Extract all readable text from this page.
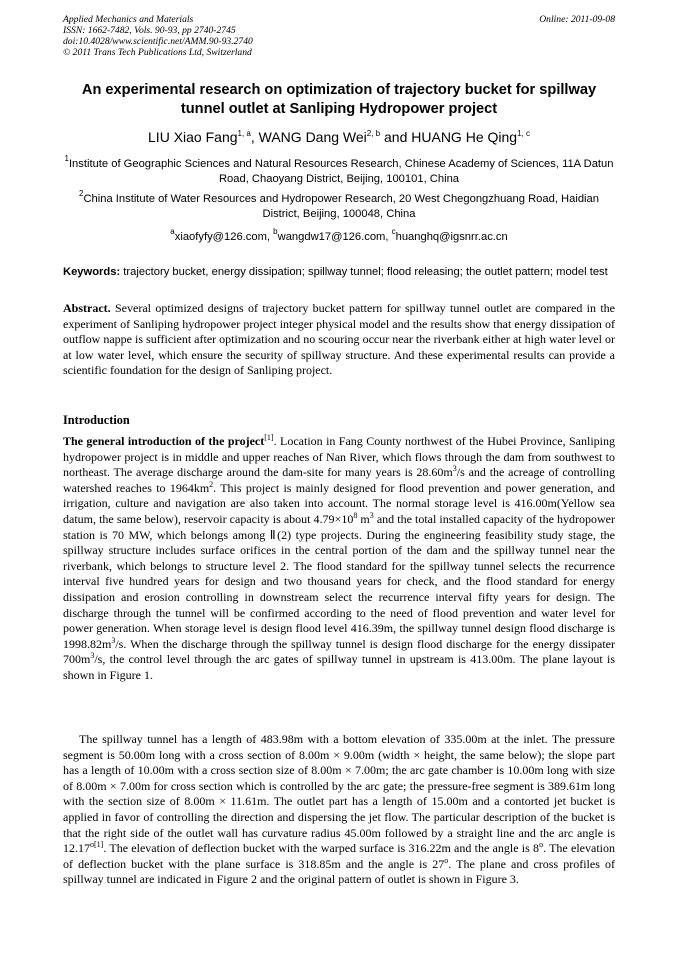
Applied Mechanics and Materials
ISSN: 1662-7482, Vols. 90-93, pp 2740-2745
doi:10.4028/www.scientific.net/AMM.90-93.2740
© 2011 Trans Tech Publications Ltd, Switzerland
Online: 2011-09-08
An experimental research on optimization of trajectory bucket for spillway tunnel outlet at Sanliping Hydropower project
LIU Xiao Fang$^{1, a}$, WANG Dang Wei$^{2, b}$ and HUANG He Qing$^{1, c}$
$^1$Institute of Geographic Sciences and Natural Resources Research, Chinese Academy of Sciences, 11A Datun Road, Chaoyang District, Beijing, 100101, China
$^2$China Institute of Water Resources and Hydropower Research, 20 West Chegongzhuang Road, Haidian District, Beijing, 100048, China
$^a$xiaofyfy@126.com, $^b$wangdw17@126.com, $^c$huanghq@igsnrr.ac.cn
Keywords: trajectory bucket, energy dissipation; spillway tunnel; flood releasing; the outlet pattern; model test

Abstract. Several optimized designs of trajectory bucket pattern for spillway tunnel outlet are compared in the experiment of Sanliping hydropower project integer physical model and the results show that energy dissipation of outflow nappe is sufficient after optimization and no scouring occur near the riverbank either at high water level or at low water level, which ensure the security of spillway structure. And these experimental results can provide a scientific foundation for the design of Sanliping project.

Introduction

The general introduction of the project[1]. Location in Fang County northwest of the Hubei Province, Sanliping hydropower project is in middle and upper reaches of Nan River, which flows through the dam from southwest to northeast. The average discharge around the dam-site for many years is $28.60m^3/s$ and the acreage of controlling watershed reaches to $1964km^2$. This project is mainly designed for flood prevention and power generation, and irrigation, culture and navigation are also taken into account. The normal storage level is 416.00m(Yellow sea datum, the same below), reservoir capacity is about $4.79\times 10^8$ $m^3$ and the total installed capacity of the hydropower station is 70 MW, which belongs among Ⅱ(2) type projects. During the engineering feasibility study stage, the spillway structure includes surface orifices in the central portion of the dam and the spillway tunnel near the riverbank, which belongs to structure level 2. The flood standard for the spillway tunnel selects the recurrence interval five hundred years for design and two thousand years for check, and the flood standard for energy dissipation and erosion controlling in downstream select the recurrence interval fifty years for design. The discharge through the tunnel will be confirmed according to the need of flood prevention and water level for power generation. When storage level is design flood level 416.39m, the spillway tunnel design flood discharge is $1998.82m^3/s$. When the discharge through the spillway tunnel is design flood discharge for the energy dissipater $700m^3/s$, the control level through the arc gates of spillway tunnel in upstream is 413.00m. The plane layout is shown in Figure 1.

The spillway tunnel has a length of 483.98m with a bottom elevation of 335.00m at the inlet. The pressure segment is 50.00m long with a cross section of 8.00m × 9.00m (width × height, the same below); the slope part has a length of 10.00m with a cross section size of 8.00m × 7.00m; the arc gate chamber is 10.00m long with size of 8.00m × 7.00m for cross section which is controlled by the arc gate; the pressure-free segment is 389.61m long with the section size of 8.00m × 11.61m. The outlet part has a length of 15.00m and a contorted jet bucket is applied in favor of controlling the direction and dispersing the jet flow. The particular description of the bucket is that the right side of the outlet wall has curvature radius 45.00m followed by a straight line and the arc angle is $12.17^{o[1]}$. The elevation of deflection bucket with the warped surface is 316.22m and the angle is 8$^o$. The elevation of deflection bucket with the plane surface is 318.85m and the angle is 27$^o$. The plane and cross profiles of spillway tunnel are indicated in Figure 2 and the original pattern of outlet is shown in Figure 3.
